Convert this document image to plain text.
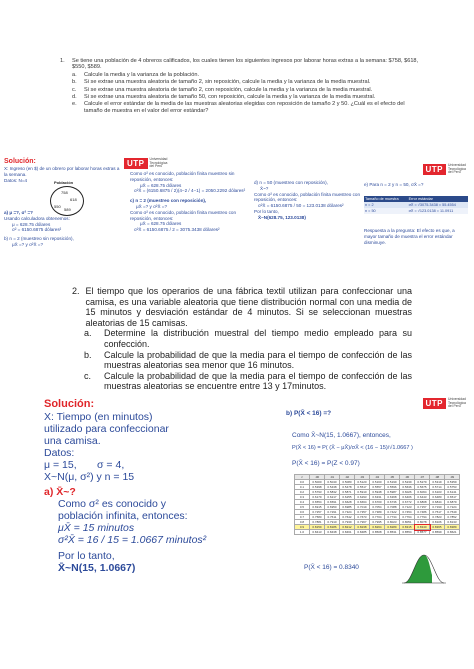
1.	Se tiene una población de 4 obreros calificados, los cuales tienen los siguientes ingresos por laborar horas extras a la semana: $758, $618, $550, $589.
a.	Calcule la media y la varianza de la población.
b.	Si se extrae una muestra aleatoria de tamaño 2, sin reposición, calcule la media y la varianza de la media muestral.
c.	Si se extrae una muestra aleatoria de tamaño 2, con reposición, calcule la media y la varianza de la media muestral.
d.	Si se extrae una muestra aleatoria de tamaño 50, con reposición, calcule la media y la varianza de la media muestral.
e.	Calcule el error estándar de la media de las muestras aleatorias elegidas con reposición de tamaño 2 y 50. ¿Cuál es el efecto del tamaño de muestra en el valor del error estándar?
Solución:
X: Ingreso (en $) de un obrero por laborar horas extras a la semana.
Datos: N=4	Población
758
618
550
589
a) μ =?, σ² =?
Usando calculadora obtenemos:
μ = 628.75 dólares
σ² = 6150.6875 dólares²
b) n = 2 (muestreo sin reposición),
μX̄ =? y σ²X̄ =?
UTP	Universidad Tecnológica del Perú
Como σ² es conocido, población finita muestreo sin reposición, entonces:
μX̄ = 628.75 dólares
σ²X̄ = (6150.6875 / 2)(4−2 / 4−1) = 2050.2292 dólares²
c) n = 2 (muestreo con reposición),
μX̄ =? y σ²X̄ =?
Como σ² es conocido, población finita muestreo con reposición, entonces:
μX̄ = 628.75 dólares
σ²X̄ = 6150.6875 / 2 = 3075.3438 dólares²
d) n = 50 (muestreo con reposición),
X̄~?
Como σ² es conocido, población finita muestreo con reposición, entonces:
σ²X̄ = 6150.6875 / 50 = 123.0138 dólares²
Por lo tanto,
X̄~N(628.75, 123.0138)
UTP	Universidad Tecnológica del Perú
e) Para n = 2 y n = 50, σX̄ =?
Tamaño de muestra	Error estándar
n = 2	σX̄ = √3075.3438 = 55.4554
n = 50	σX̄ = √123.0138 = 11.0911
Respuesta a la pregunta: El efecto es que, a mayor tamaño de muestra el error estándar disminuye.
2. El tiempo que los operarios de una fábrica textil utilizan para confeccionar una camisa, es una variable aleatoria que tiene distribución normal con una media de 15 minutos y desviación estándar de 4 minutos. Si se seleccionan muestras aleatorias de 15 camisas.
a.	Determine la distribución muestral del tiempo medio empleado para su confección.
b.	Calcule la probabilidad de que la media para el tiempo de confección de las muestras aleatorias sea menor que 16 minutos.
c.	Calcule la probabilidad de que la media para el tiempo de confección de las muestras aleatorias se encuentre entre 13 y 17minutos.
Solución:
X: Tiempo (en minutos) utilizado para confeccionar una camisa.
Datos:
μ = 15,       σ = 4,
X~N(μ, σ²) y n = 15
a) X̄~?
Como σ² es conocido y población infinita, entonces:
μX̄ = 15 minutos
σ²X̄ = 16 / 15 = 1.0667 minutos²
Por lo tanto,
X̄~N(15, 1.0667)
UTP	Universidad Tecnológica del Perú
b) P(X̄ < 16) =?
Como X̄~N(15, 1.0667), entonces,
P(X̄ < 16) = P( (X̄ − μX̄)/σX̄ < (16 − 15)/√1.0667 )
P(X̄ < 16) = P(Z < 0.97)
z	.00	.01	.02	.03	.04	.05	.06	.07	.08	.09
0.0	0.5000	0.5040	0.5080	0.5120	0.5160	0.5199	0.5239	0.5279	0.5319	0.5359
0.1	0.5398	0.5438	0.5478	0.5517	0.5557	0.5596	0.5636	0.5675	0.5714	0.5753
0.2	0.5793	0.5832	0.5871	0.5910	0.5948	0.5987	0.6026	0.6064	0.6103	0.6141
0.3	0.6179	0.6217	0.6255	0.6293	0.6331	0.6368	0.6406	0.6443	0.6480	0.6517
0.4	0.6554	0.6591	0.6628	0.6664	0.6700	0.6736	0.6772	0.6808	0.6844	0.6879
0.5	0.6915	0.6950	0.6985	0.7019	0.7054	0.7088	0.7123	0.7157	0.7190	0.7224
0.6	0.7257	0.7291	0.7324	0.7357	0.7389	0.7422	0.7454	0.7486	0.7517	0.7549
0.7	0.7580	0.7611	0.7642	0.7673	0.7704	0.7734	0.7764	0.7794	0.7823	0.7852
0.8	0.7881	0.7910	0.7939	0.7967	0.7995	0.8023	0.8051	0.8078	0.8106	0.8133
0.9	0.8159	0.8186	0.8212	0.8238	0.8264	0.8289	0.8315	0.8340	0.8365	0.8389
1.0	0.8413	0.8438	0.8461	0.8485	0.8508	0.8531	0.8554	0.8577	0.8599	0.8621
P(X̄ < 16) = 0.8340
